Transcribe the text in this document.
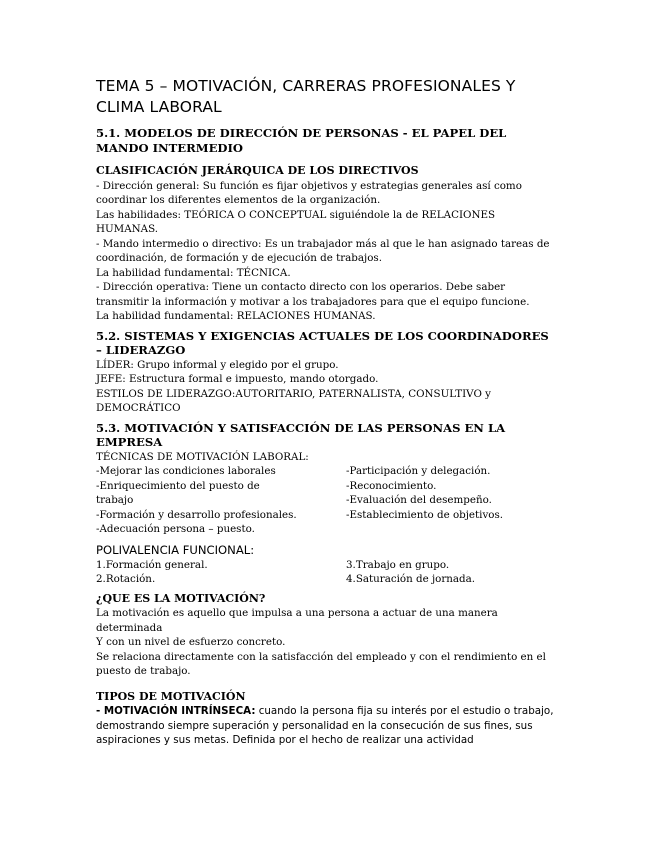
TEMA 5 – MOTIVACIÓN, CARRERAS PROFESIONALES Y CLIMA LABORAL
5.1. MODELOS DE DIRECCIÓN DE PERSONAS - EL PAPEL DEL MANDO INTERMEDIO
CLASIFICACIÓN JERÁRQUICA DE LOS DIRECTIVOS

- Dirección general: Su función es fijar objetivos y estrategias generales así como coordinar los diferentes elementos de la organización.

Las habilidades: TEÓRICA O CONCEPTUAL siguiéndole la de RELACIONES HUMANAS.

- Mando intermedio o directivo: Es un trabajador más al que le han asignado tareas de coordinación, de formación y de ejecución de trabajos.

La habilidad fundamental: TÉCNICA.

- Dirección operativa: Tiene un contacto directo con los operarios. Debe saber transmitir la información y motivar a los trabajadores para que el equipo funcione.

La habilidad fundamental: RELACIONES HUMANAS.

5.2. SISTEMAS Y EXIGENCIAS ACTUALES DE LOS COORDINADORES – LIDERAZGO

LÍDER: Grupo informal y elegido por el grupo.

JEFE: Estructura formal e impuesto, mando otorgado.

ESTILOS DE LIDERAZGO:AUTORITARIO, PATERNALISTA, CONSULTIVO y DEMOCRÁTICO

5.3. MOTIVACIÓN Y SATISFACCIÓN DE LAS PERSONAS EN LA EMPRESA

TÉCNICAS DE MOTIVACIÓN LABORAL:

-Mejorar las condiciones laborales

-Enriquecimiento del puesto de trabajo

-Formación y desarrollo profesionales.

-Adecuación persona – puesto.

-Participación y delegación.

-Reconocimiento.

-Evaluación del desempeño.

-Establecimiento de objetivos.

POLIVALENCIA FUNCIONAL:

1.Formación general.

2.Rotación.

3.Trabajo en grupo.

4.Saturación de jornada.

¿QUE ES LA MOTIVACIÓN?

La motivación es aquello que impulsa a una persona a actuar de una manera determinada

Y con un nivel de esfuerzo concreto.

Se relaciona directamente con la satisfacción del empleado y con el rendimiento en el puesto de trabajo.

TIPOS DE MOTIVACIÓN

- MOTIVACIÓN INTRÍNSECA: cuando la persona fija su interés por el estudio o trabajo, demostrando siempre superación y personalidad en la consecución de sus fines, sus aspiraciones y sus metas. Definida por el hecho de realizar una actividad
